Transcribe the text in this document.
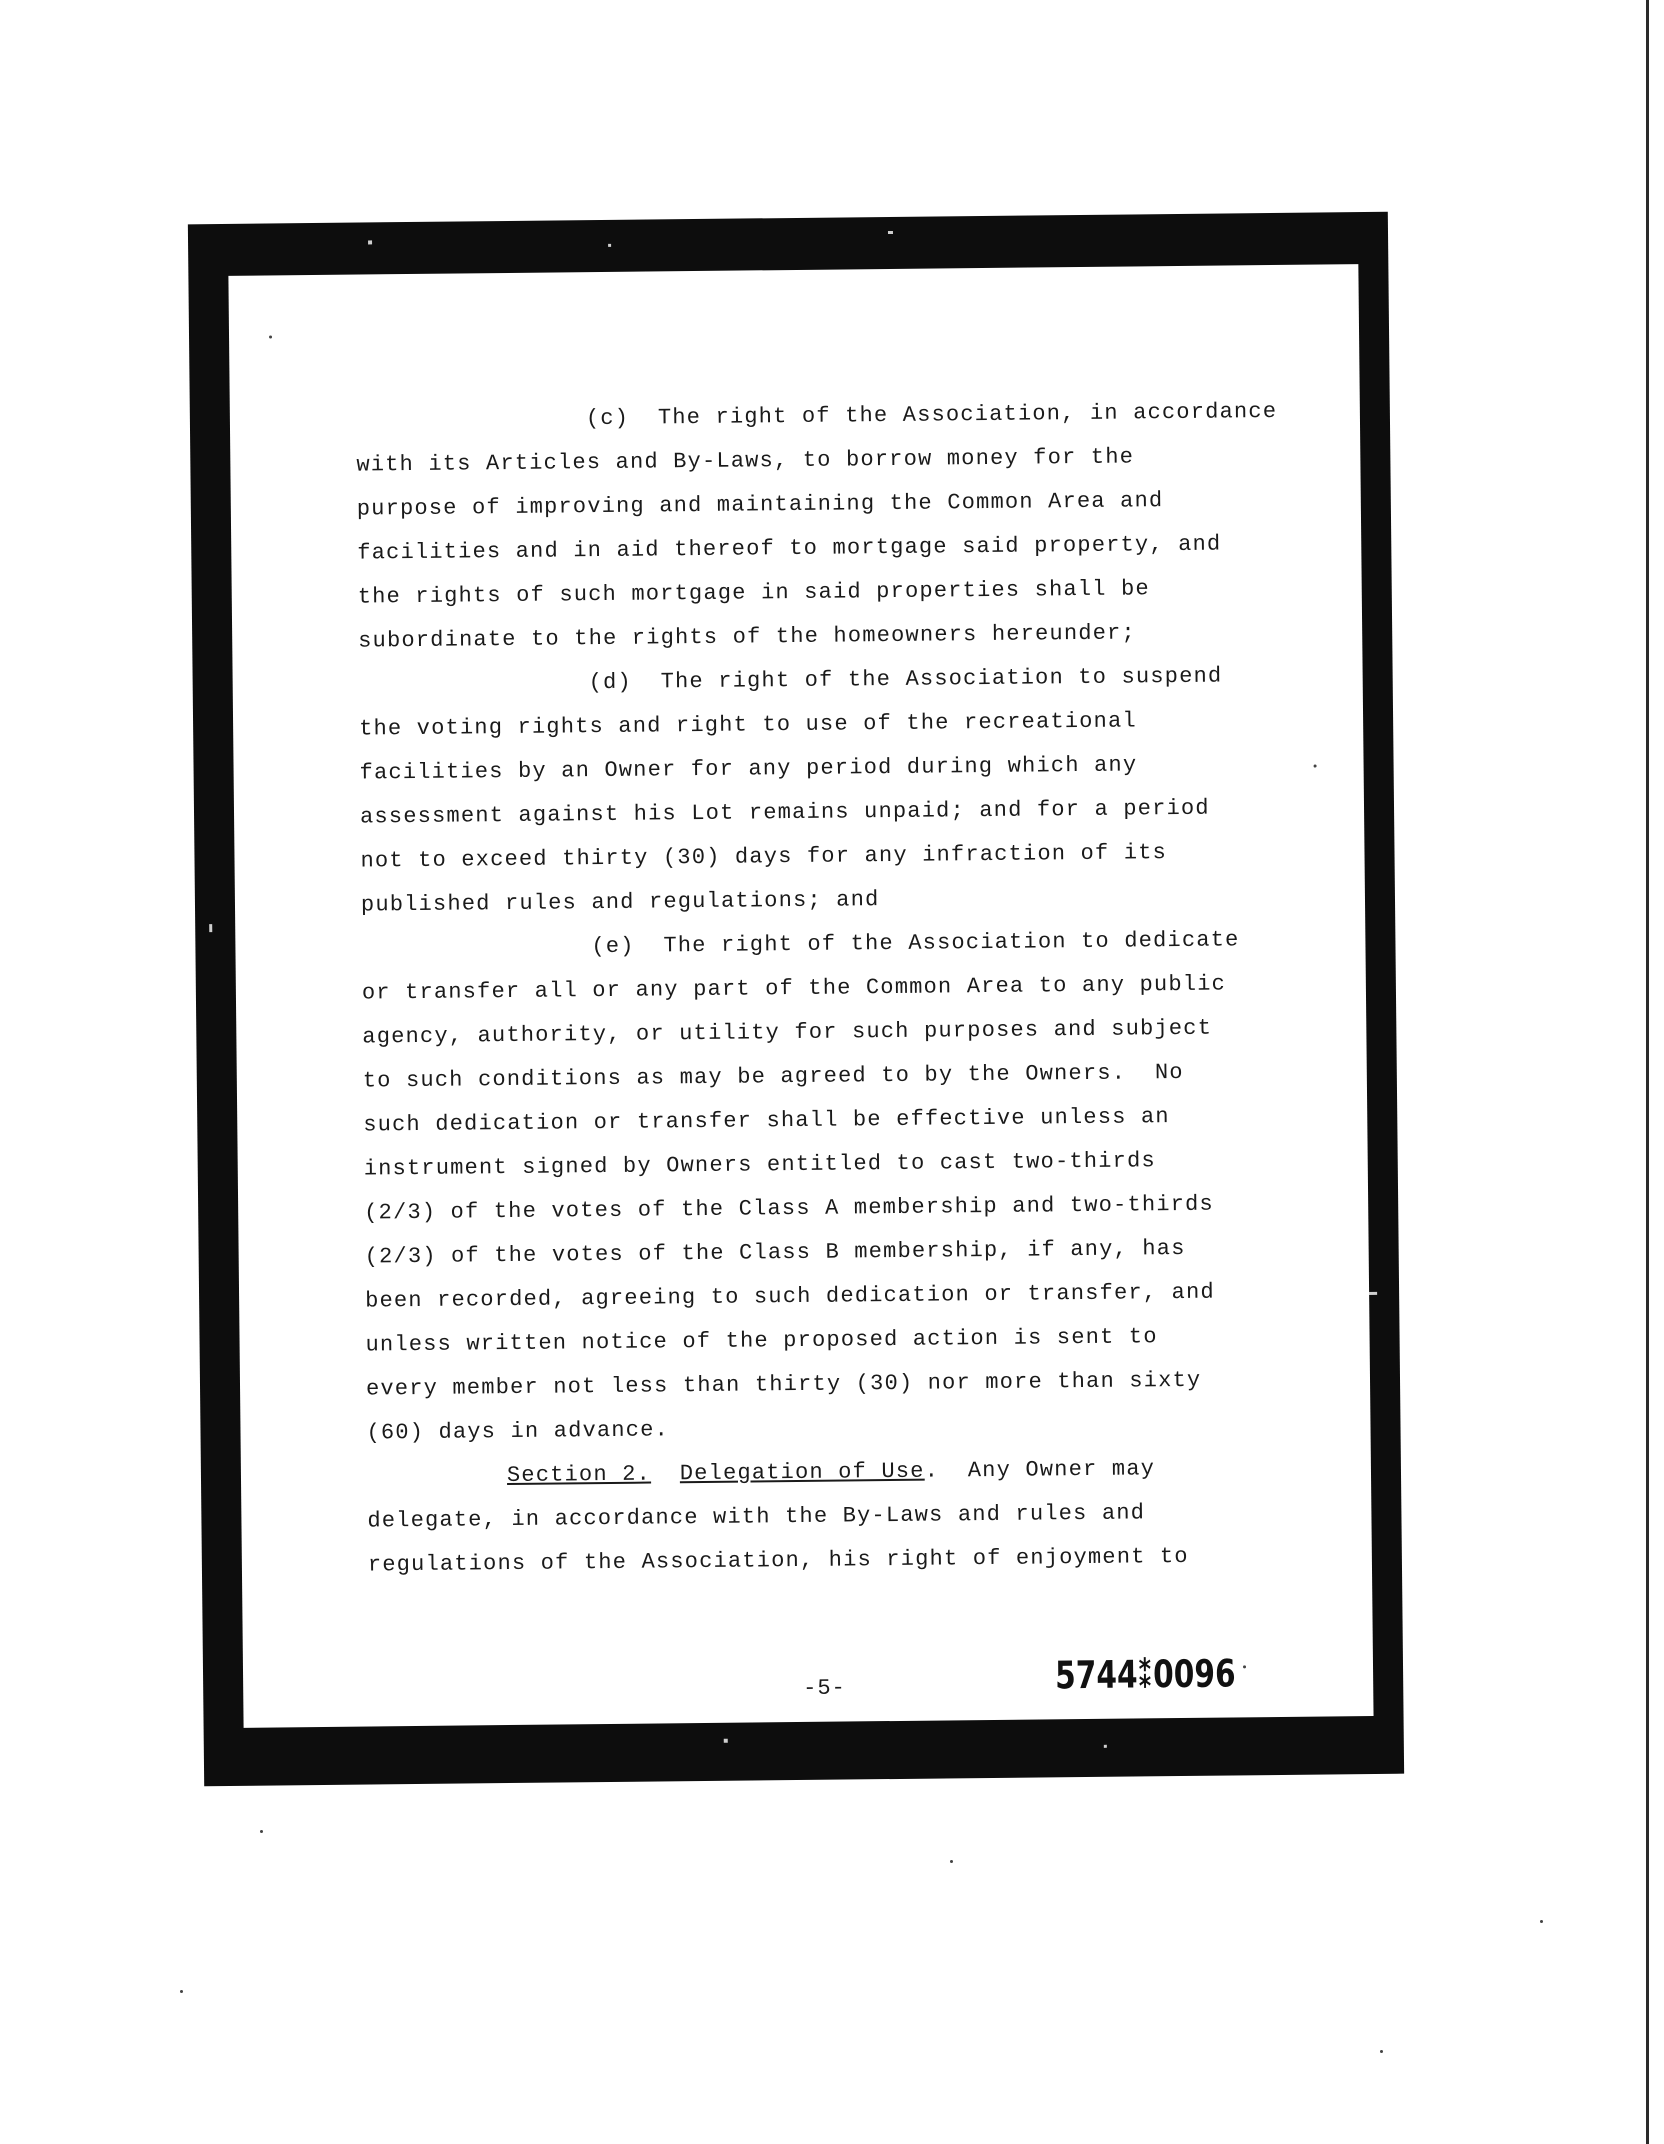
(c)  The right of the Association, in accordance
with its Articles and By-Laws, to borrow money for the
purpose of improving and maintaining the Common Area and
facilities and in aid thereof to mortgage said property, and
the rights of such mortgage in said properties shall be
subordinate to the rights of the homeowners hereunder;
(d)  The right of the Association to suspend
the voting rights and right to use of the recreational
facilities by an Owner for any period during which any
assessment against his Lot remains unpaid; and for a period
not to exceed thirty (30) days for any infraction of its
published rules and regulations; and
(e)  The right of the Association to dedicate
or transfer all or any part of the Common Area to any public
agency, authority, or utility for such purposes and subject
to such conditions as may be agreed to by the Owners.  No
such dedication or transfer shall be effective unless an
instrument signed by Owners entitled to cast two-thirds
(2/3) of the votes of the Class A membership and two-thirds
(2/3) of the votes of the Class B membership, if any, has
been recorded, agreeing to such dedication or transfer, and
unless written notice of the proposed action is sent to
every member not less than thirty (30) nor more than sixty
(60) days in advance.
Section 2. Delegation of Use.  Any Owner may
delegate, in accordance with the By-Laws and rules and
regulations of the Association, his right of enjoyment to
-5-	5744⁑0096
